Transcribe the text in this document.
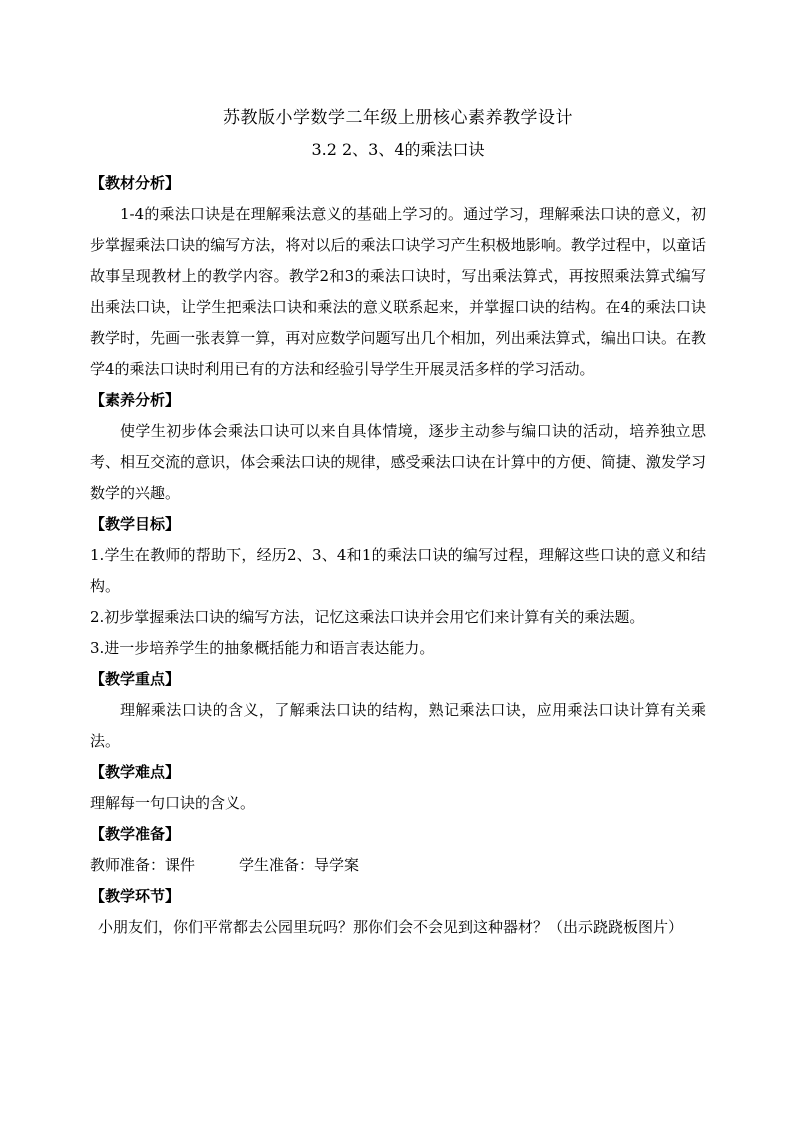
苏教版小学数学二年级上册核心素养教学设计

3.2 2、3、4的乘法口诀

【教材分析】

1-4的乘法口诀是在理解乘法意义的基础上学习的。通过学习，理解乘法口诀的意义，初步掌握乘法口诀的编写方法，将对以后的乘法口诀学习产生积极地影响。教学过程中，以童话故事呈现教材上的教学内容。教学2和3的乘法口诀时，写出乘法算式，再按照乘法算式编写出乘法口诀，让学生把乘法口诀和乘法的意义联系起来，并掌握口诀的结构。在4的乘法口诀教学时，先画一张表算一算，再对应数学问题写出几个相加，列出乘法算式，编出口诀。在教学4的乘法口诀时利用已有的方法和经验引导学生开展灵活多样的学习活动。

【素养分析】

使学生初步体会乘法口诀可以来自具体情境，逐步主动参与编口诀的活动，培养独立思考、相互交流的意识，体会乘法口诀的规律，感受乘法口诀在计算中的方便、简捷、激发学习数学的兴趣。

【教学目标】

1.学生在教师的帮助下，经历2、3、4和1的乘法口诀的编写过程，理解这些口诀的意义和结构。

2.初步掌握乘法口诀的编写方法，记忆这乘法口诀并会用它们来计算有关的乘法题。

3.进一步培养学生的抽象概括能力和语言表达能力。

【教学重点】

理解乘法口诀的含义，了解乘法口诀的结构，熟记乘法口诀，应用乘法口诀计算有关乘法。

【教学难点】

理解每一句口诀的含义。

【教学准备】

教师准备：课件	学生准备：导学案

【教学环节】

小朋友们，你们平常都去公园里玩吗？那你们会不会见到这种器材？（出示跷跷板图片）
